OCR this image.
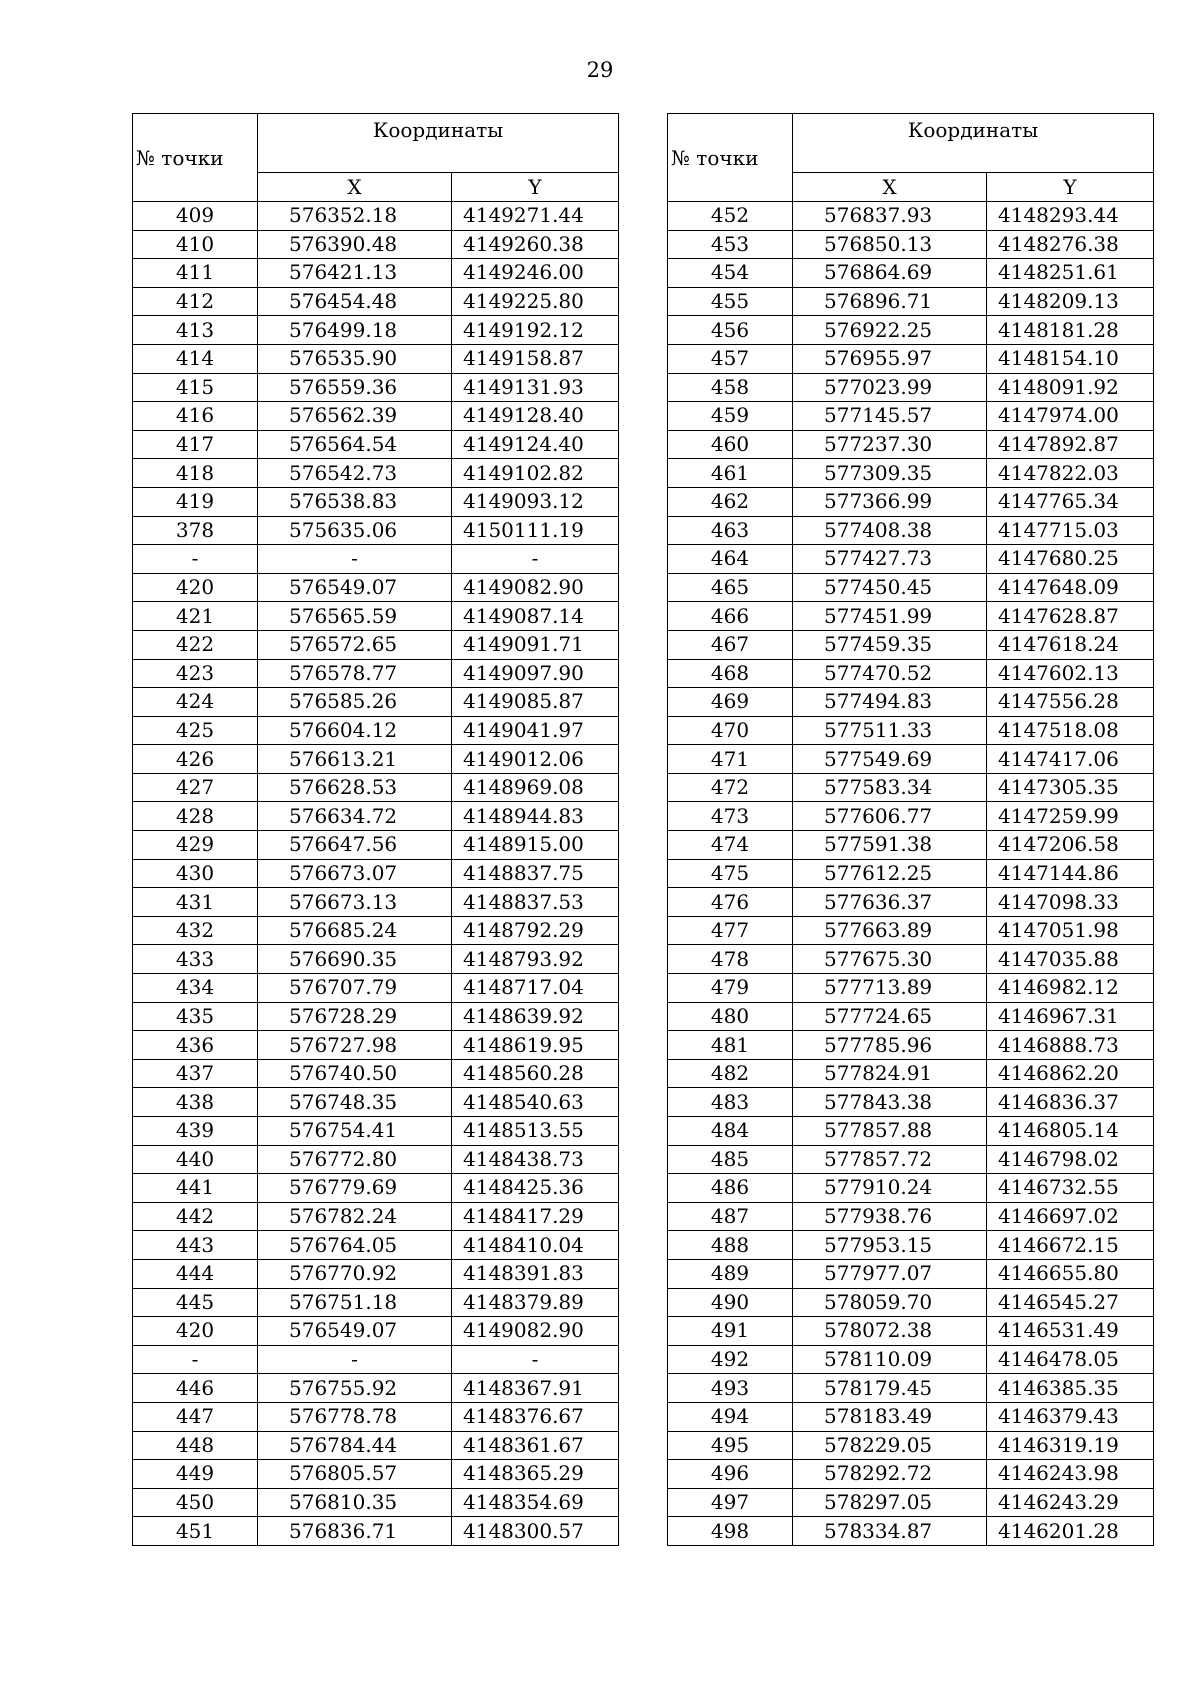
29
№ точки	Координаты	
	X	Y
409	576352.18	4149271.44
410	576390.48	4149260.38
411	576421.13	4149246.00
412	576454.48	4149225.80
413	576499.18	4149192.12
414	576535.90	4149158.87
415	576559.36	4149131.93
416	576562.39	4149128.40
417	576564.54	4149124.40
418	576542.73	4149102.82
419	576538.83	4149093.12
378	575635.06	4150111.19
-	-	-
420	576549.07	4149082.90
421	576565.59	4149087.14
422	576572.65	4149091.71
423	576578.77	4149097.90
424	576585.26	4149085.87
425	576604.12	4149041.97
426	576613.21	4149012.06
427	576628.53	4148969.08
428	576634.72	4148944.83
429	576647.56	4148915.00
430	576673.07	4148837.75
431	576673.13	4148837.53
432	576685.24	4148792.29
433	576690.35	4148793.92
434	576707.79	4148717.04
435	576728.29	4148639.92
436	576727.98	4148619.95
437	576740.50	4148560.28
438	576748.35	4148540.63
439	576754.41	4148513.55
440	576772.80	4148438.73
441	576779.69	4148425.36
442	576782.24	4148417.29
443	576764.05	4148410.04
444	576770.92	4148391.83
445	576751.18	4148379.89
420	576549.07	4149082.90
-	-	-
446	576755.92	4148367.91
447	576778.78	4148376.67
448	576784.44	4148361.67
449	576805.57	4148365.29
450	576810.35	4148354.69
451	576836.71	4148300.57
№ точки	Координаты	
	X	Y
452	576837.93	4148293.44
453	576850.13	4148276.38
454	576864.69	4148251.61
455	576896.71	4148209.13
456	576922.25	4148181.28
457	576955.97	4148154.10
458	577023.99	4148091.92
459	577145.57	4147974.00
460	577237.30	4147892.87
461	577309.35	4147822.03
462	577366.99	4147765.34
463	577408.38	4147715.03
464	577427.73	4147680.25
465	577450.45	4147648.09
466	577451.99	4147628.87
467	577459.35	4147618.24
468	577470.52	4147602.13
469	577494.83	4147556.28
470	577511.33	4147518.08
471	577549.69	4147417.06
472	577583.34	4147305.35
473	577606.77	4147259.99
474	577591.38	4147206.58
475	577612.25	4147144.86
476	577636.37	4147098.33
477	577663.89	4147051.98
478	577675.30	4147035.88
479	577713.89	4146982.12
480	577724.65	4146967.31
481	577785.96	4146888.73
482	577824.91	4146862.20
483	577843.38	4146836.37
484	577857.88	4146805.14
485	577857.72	4146798.02
486	577910.24	4146732.55
487	577938.76	4146697.02
488	577953.15	4146672.15
489	577977.07	4146655.80
490	578059.70	4146545.27
491	578072.38	4146531.49
492	578110.09	4146478.05
493	578179.45	4146385.35
494	578183.49	4146379.43
495	578229.05	4146319.19
496	578292.72	4146243.98
497	578297.05	4146243.29
498	578334.87	4146201.28
